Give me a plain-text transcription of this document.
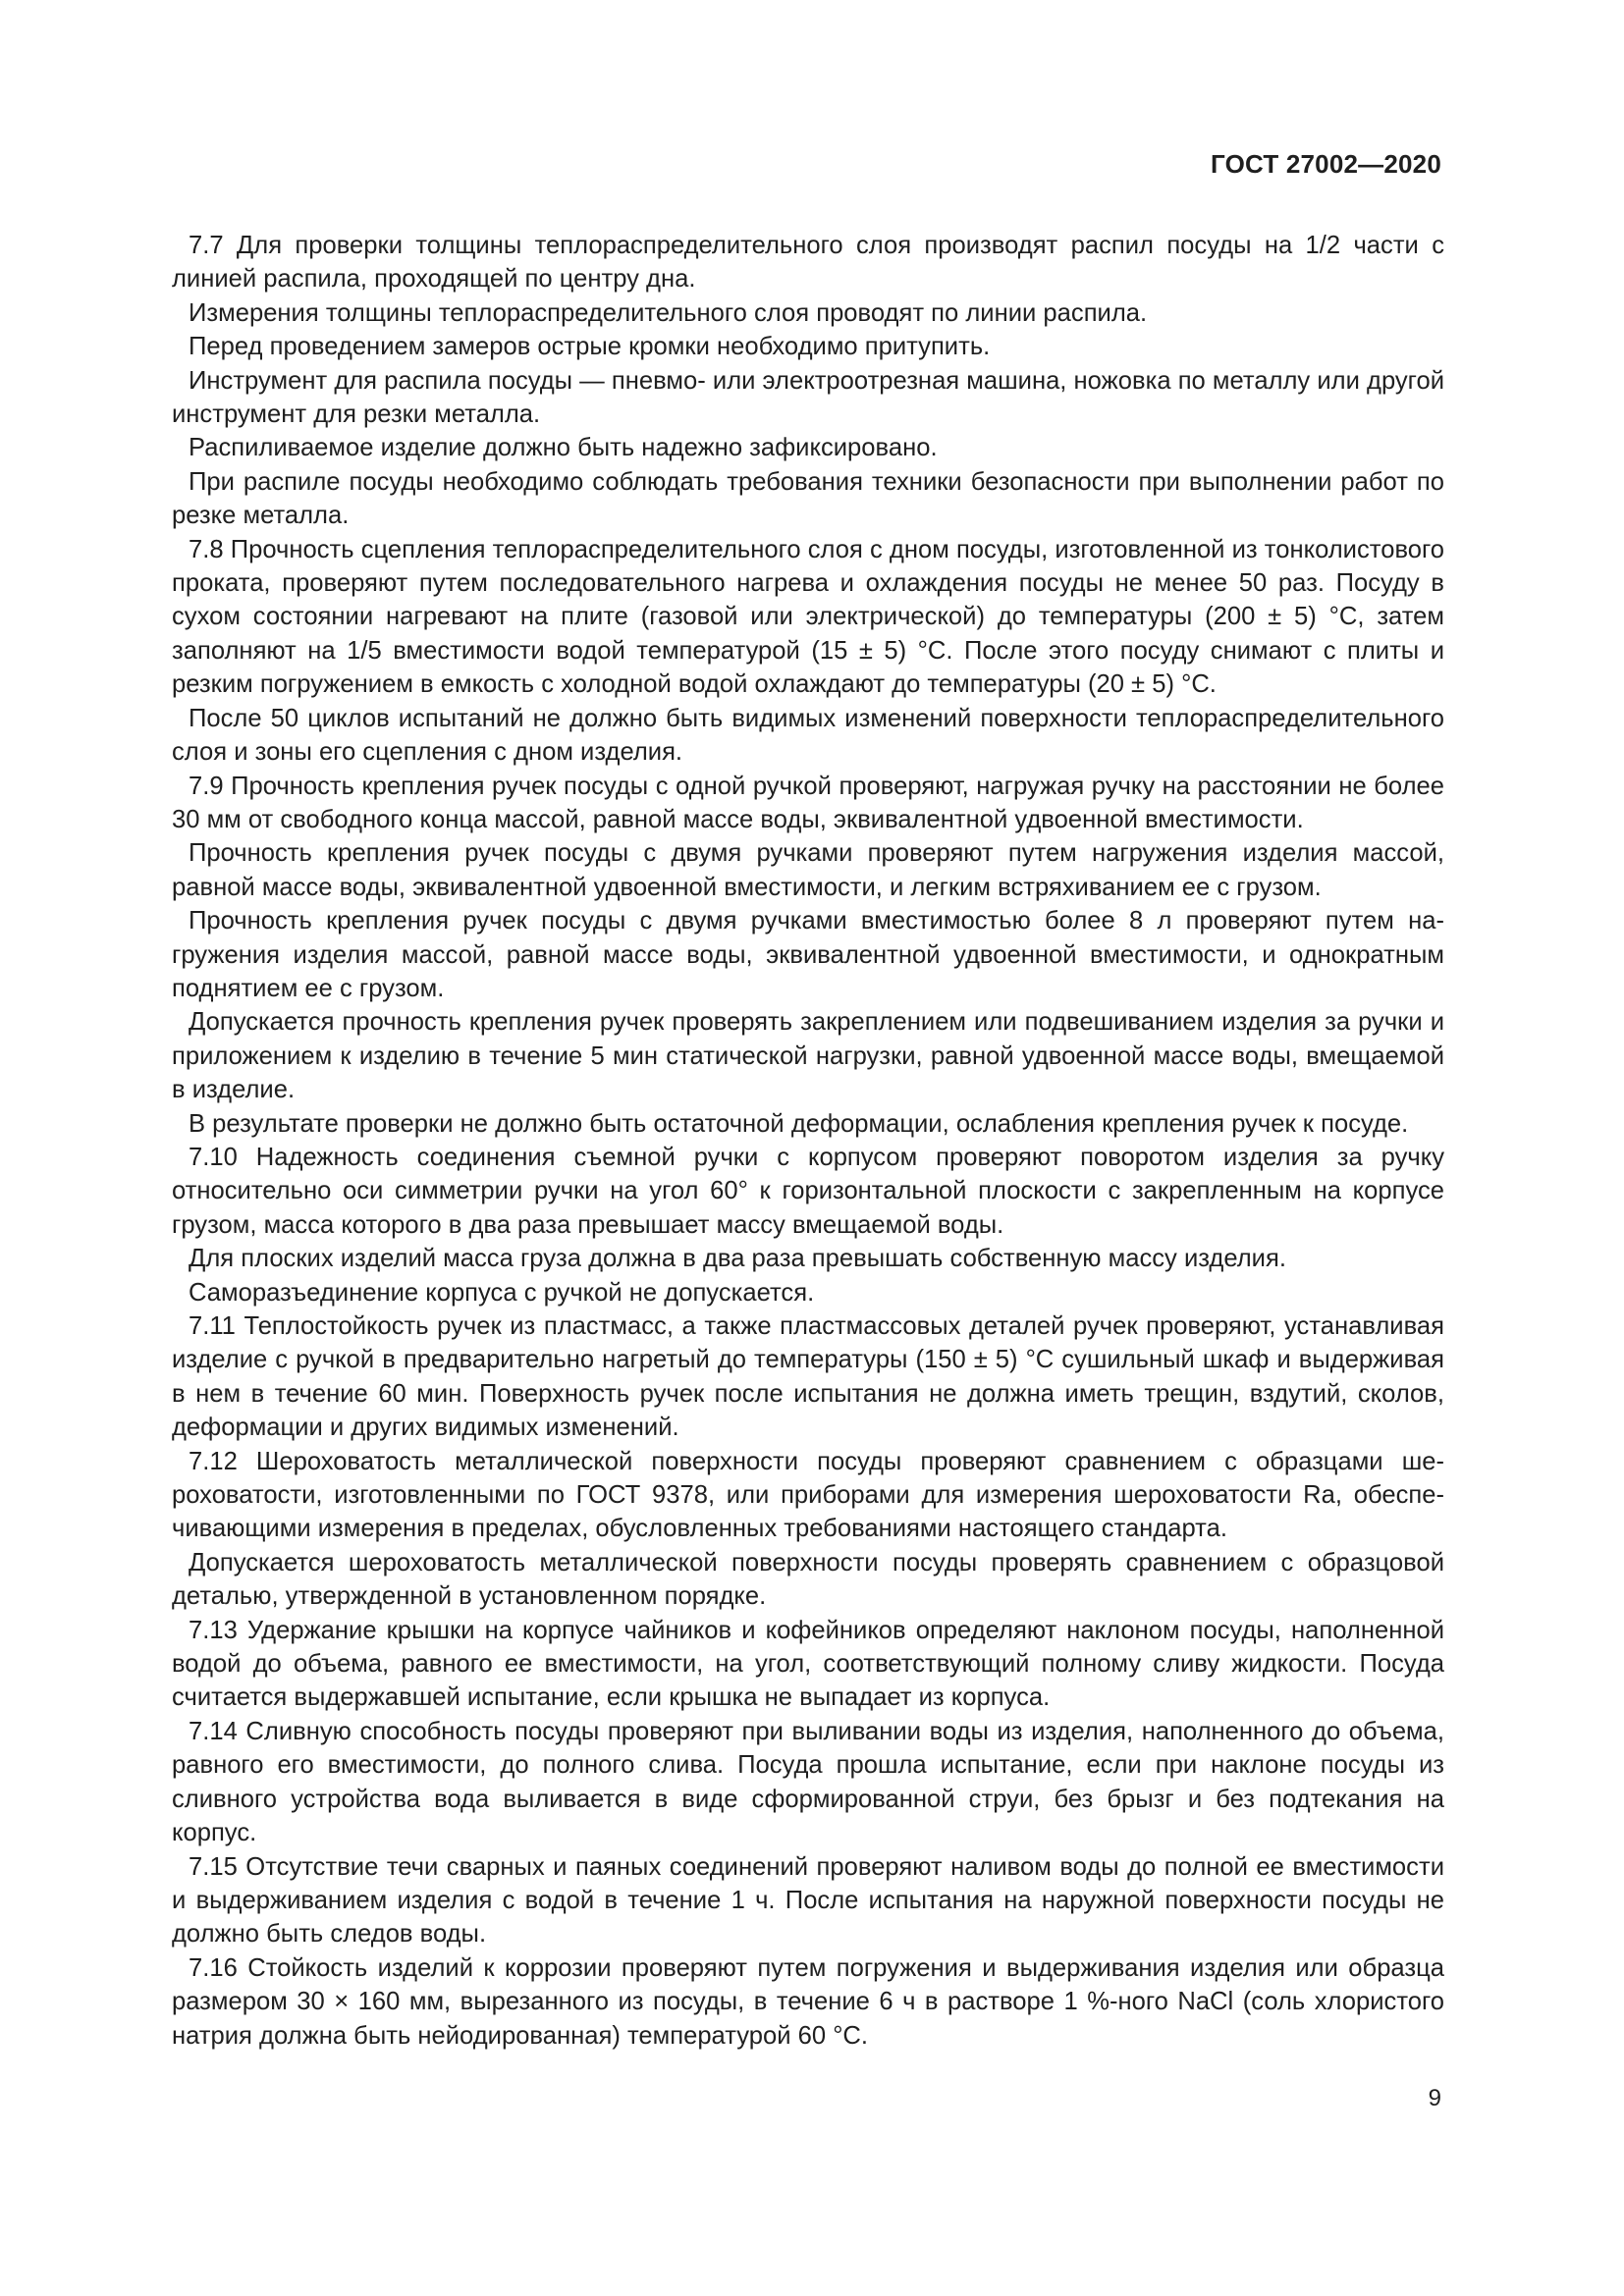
ГОСТ 27002—2020

7.7 Для проверки толщины теплораспределительного слоя производят распил посуды на 1/2 части с линией распила, проходящей по центру дна.

Измерения толщины теплораспределительного слоя проводят по линии распила.

Перед проведением замеров острые кромки необходимо притупить.

Инструмент для распила посуды — пневмо- или электроотрезная машина, ножовка по металлу или другой инструмент для резки металла.

Распиливаемое изделие должно быть надежно зафиксировано.

При распиле посуды необходимо соблюдать требования техники безопасности при выполнении работ по резке металла.

7.8 Прочность сцепления теплораспределительного слоя с дном посуды, изготовленной из тонколистового проката, проверяют путем последовательного нагрева и охлаждения посуды не менее 50 раз. Посуду в сухом состоянии нагревают на плите (газовой или электрической) до температуры (200 ± 5) °С, затем заполняют на 1/5 вместимости водой температурой (15 ± 5) °С. После этого посуду снимают с плиты и резким погружением в емкость с холодной водой охлаждают до температуры (20 ± 5) °С.

После 50 циклов испытаний не должно быть видимых изменений поверхности теплораспределительного слоя и зоны его сцепления с дном изделия.

7.9 Прочность крепления ручек посуды с одной ручкой проверяют, нагружая ручку на расстоянии не более 30 мм от свободного конца массой, равной массе воды, эквивалентной удвоенной вместимости.

Прочность крепления ручек посуды с двумя ручками проверяют путем нагружения изделия массой, равной массе воды, эквивалентной удвоенной вместимости, и легким встряхиванием ее с грузом.

Прочность крепления ручек посуды с двумя ручками вместимостью более 8 л проверяют путем нагружения изделия массой, равной массе воды, эквивалентной удвоенной вместимости, и однократным поднятием ее с грузом.

Допускается прочность крепления ручек проверять закреплением или подвешиванием изделия за ручки и приложением к изделию в течение 5 мин статической нагрузки, равной удвоенной массе воды, вмещаемой в изделие.

В результате проверки не должно быть остаточной деформации, ослабления крепления ручек к посуде.

7.10 Надежность соединения съемной ручки с корпусом проверяют поворотом изделия за ручку относительно оси симметрии ручки на угол 60° к горизонтальной плоскости с закрепленным на корпусе грузом, масса которого в два раза превышает массу вмещаемой воды.

Для плоских изделий масса груза должна в два раза превышать собственную массу изделия.

Саморазъединение корпуса с ручкой не допускается.

7.11 Теплостойкость ручек из пластмасс, а также пластмассовых деталей ручек проверяют, устанавливая изделие с ручкой в предварительно нагретый до температуры (150 ± 5) °С сушильный шкаф и выдерживая в нем в течение 60 мин. Поверхность ручек после испытания не должна иметь трещин, вздутий, сколов, деформации и других видимых изменений.

7.12 Шероховатость металлической поверхности посуды проверяют сравнением с образцами шероховатости, изготовленными по ГОСТ 9378, или приборами для измерения шероховатости Ra, обеспечивающими измерения в пределах, обусловленных требованиями настоящего стандарта.

Допускается шероховатость металлической поверхности посуды проверять сравнением с образцовой деталью, утвержденной в установленном порядке.

7.13 Удержание крышки на корпусе чайников и кофейников определяют наклоном посуды, наполненной водой до объема, равного ее вместимости, на угол, соответствующий полному сливу жидкости. Посуда считается выдержавшей испытание, если крышка не выпадает из корпуса.

7.14 Сливную способность посуды проверяют при выливании воды из изделия, наполненного до объема, равного его вместимости, до полного слива. Посуда прошла испытание, если при наклоне посуды из сливного устройства вода выливается в виде сформированной струи, без брызг и без подтекания на корпус.

7.15 Отсутствие течи сварных и паяных соединений проверяют наливом воды до полной ее вместимости и выдерживанием изделия с водой в течение 1 ч. После испытания на наружной поверхности посуды не должно быть следов воды.

7.16 Стойкость изделий к коррозии проверяют путем погружения и выдерживания изделия или образца размером 30 × 160 мм, вырезанного из посуды, в течение 6 ч в растворе 1 %-ного NaCl (соль хлористого натрия должна быть нейодированная) температурой 60 °С.

9
